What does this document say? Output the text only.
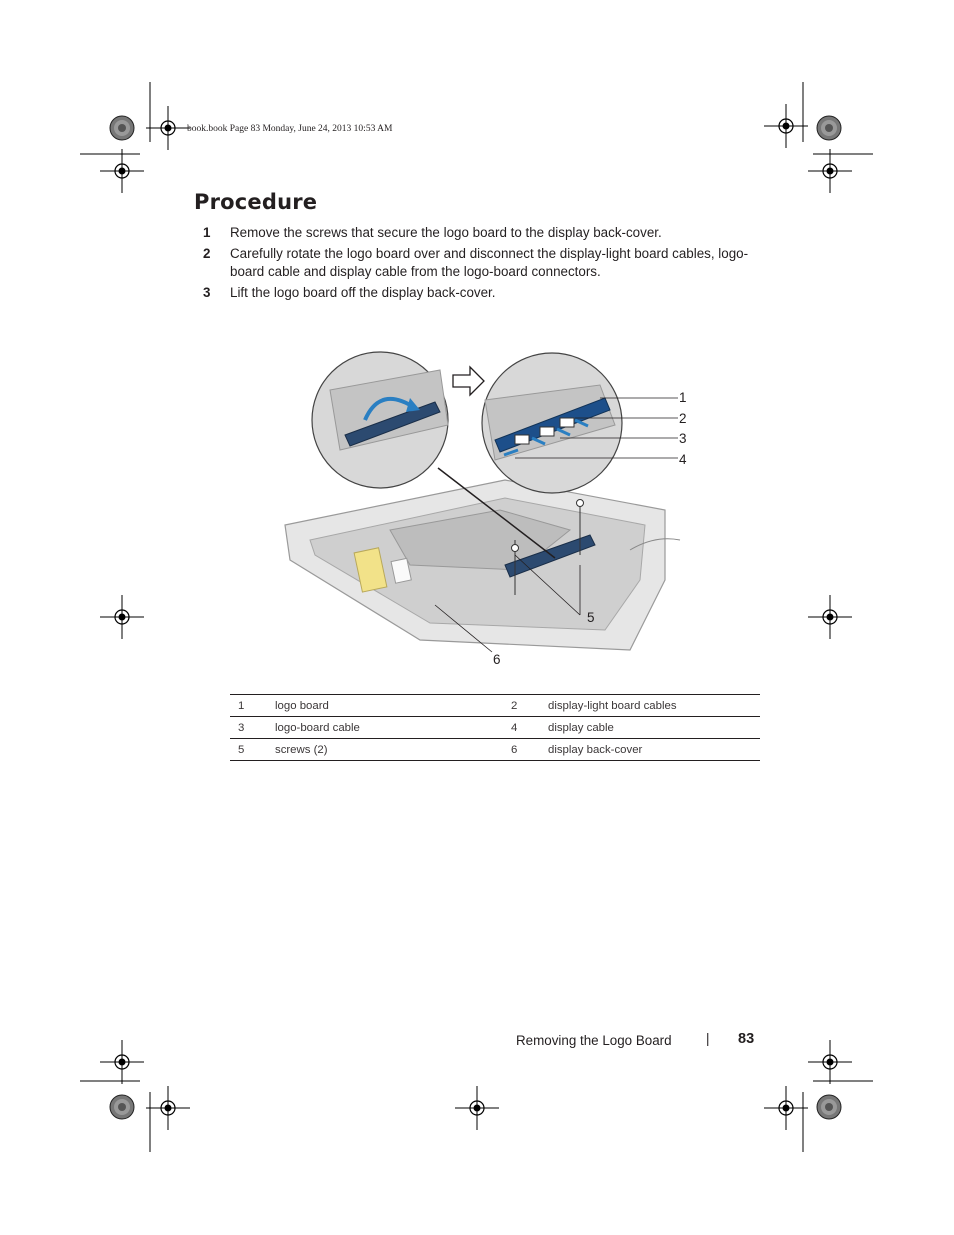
book.book Page 83 Monday, June 24, 2013 10:53 AM
Procedure
1 Remove the screws that secure the logo board to the display back-cover.
2 Carefully rotate the logo board over and disconnect the display-light board cables, logo-board cable and display cable from the logo-board connectors.
3 Lift the logo board off the display back-cover.
1
2
3
4
5
6
1	logo board	2	display-light board cables
3	logo-board cable	4	display cable
5	screws (2)	6	display back-cover
Removing the Logo Board	| 83
